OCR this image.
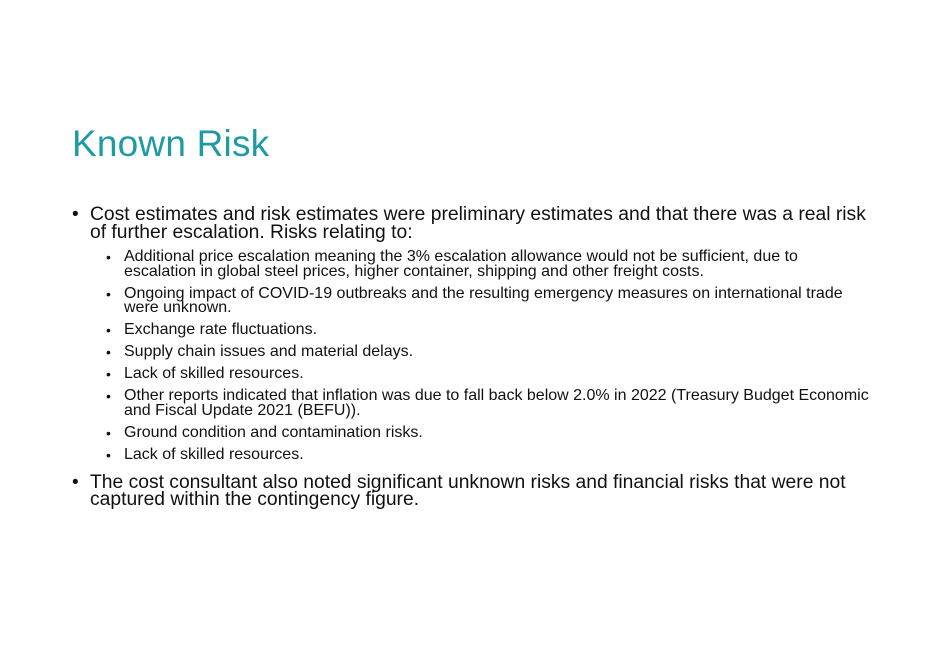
Known Risk
• Cost estimates and risk estimates were preliminary estimates and that there was a real risk of further escalation. Risks relating to:
• Additional price escalation meaning the 3% escalation allowance would not be sufficient, due to escalation in global steel prices, higher container, shipping and other freight costs.
• Ongoing impact of COVID-19 outbreaks and the resulting emergency measures on international trade were unknown.
• Exchange rate fluctuations.
• Supply chain issues and material delays.
• Lack of skilled resources.
• Other reports indicated that inflation was due to fall back below 2.0% in 2022 (Treasury Budget Economic and Fiscal Update 2021 (BEFU)).
• Ground condition and contamination risks.
• Lack of skilled resources.
• The cost consultant also noted significant unknown risks and financial risks that were not captured within the contingency figure.
